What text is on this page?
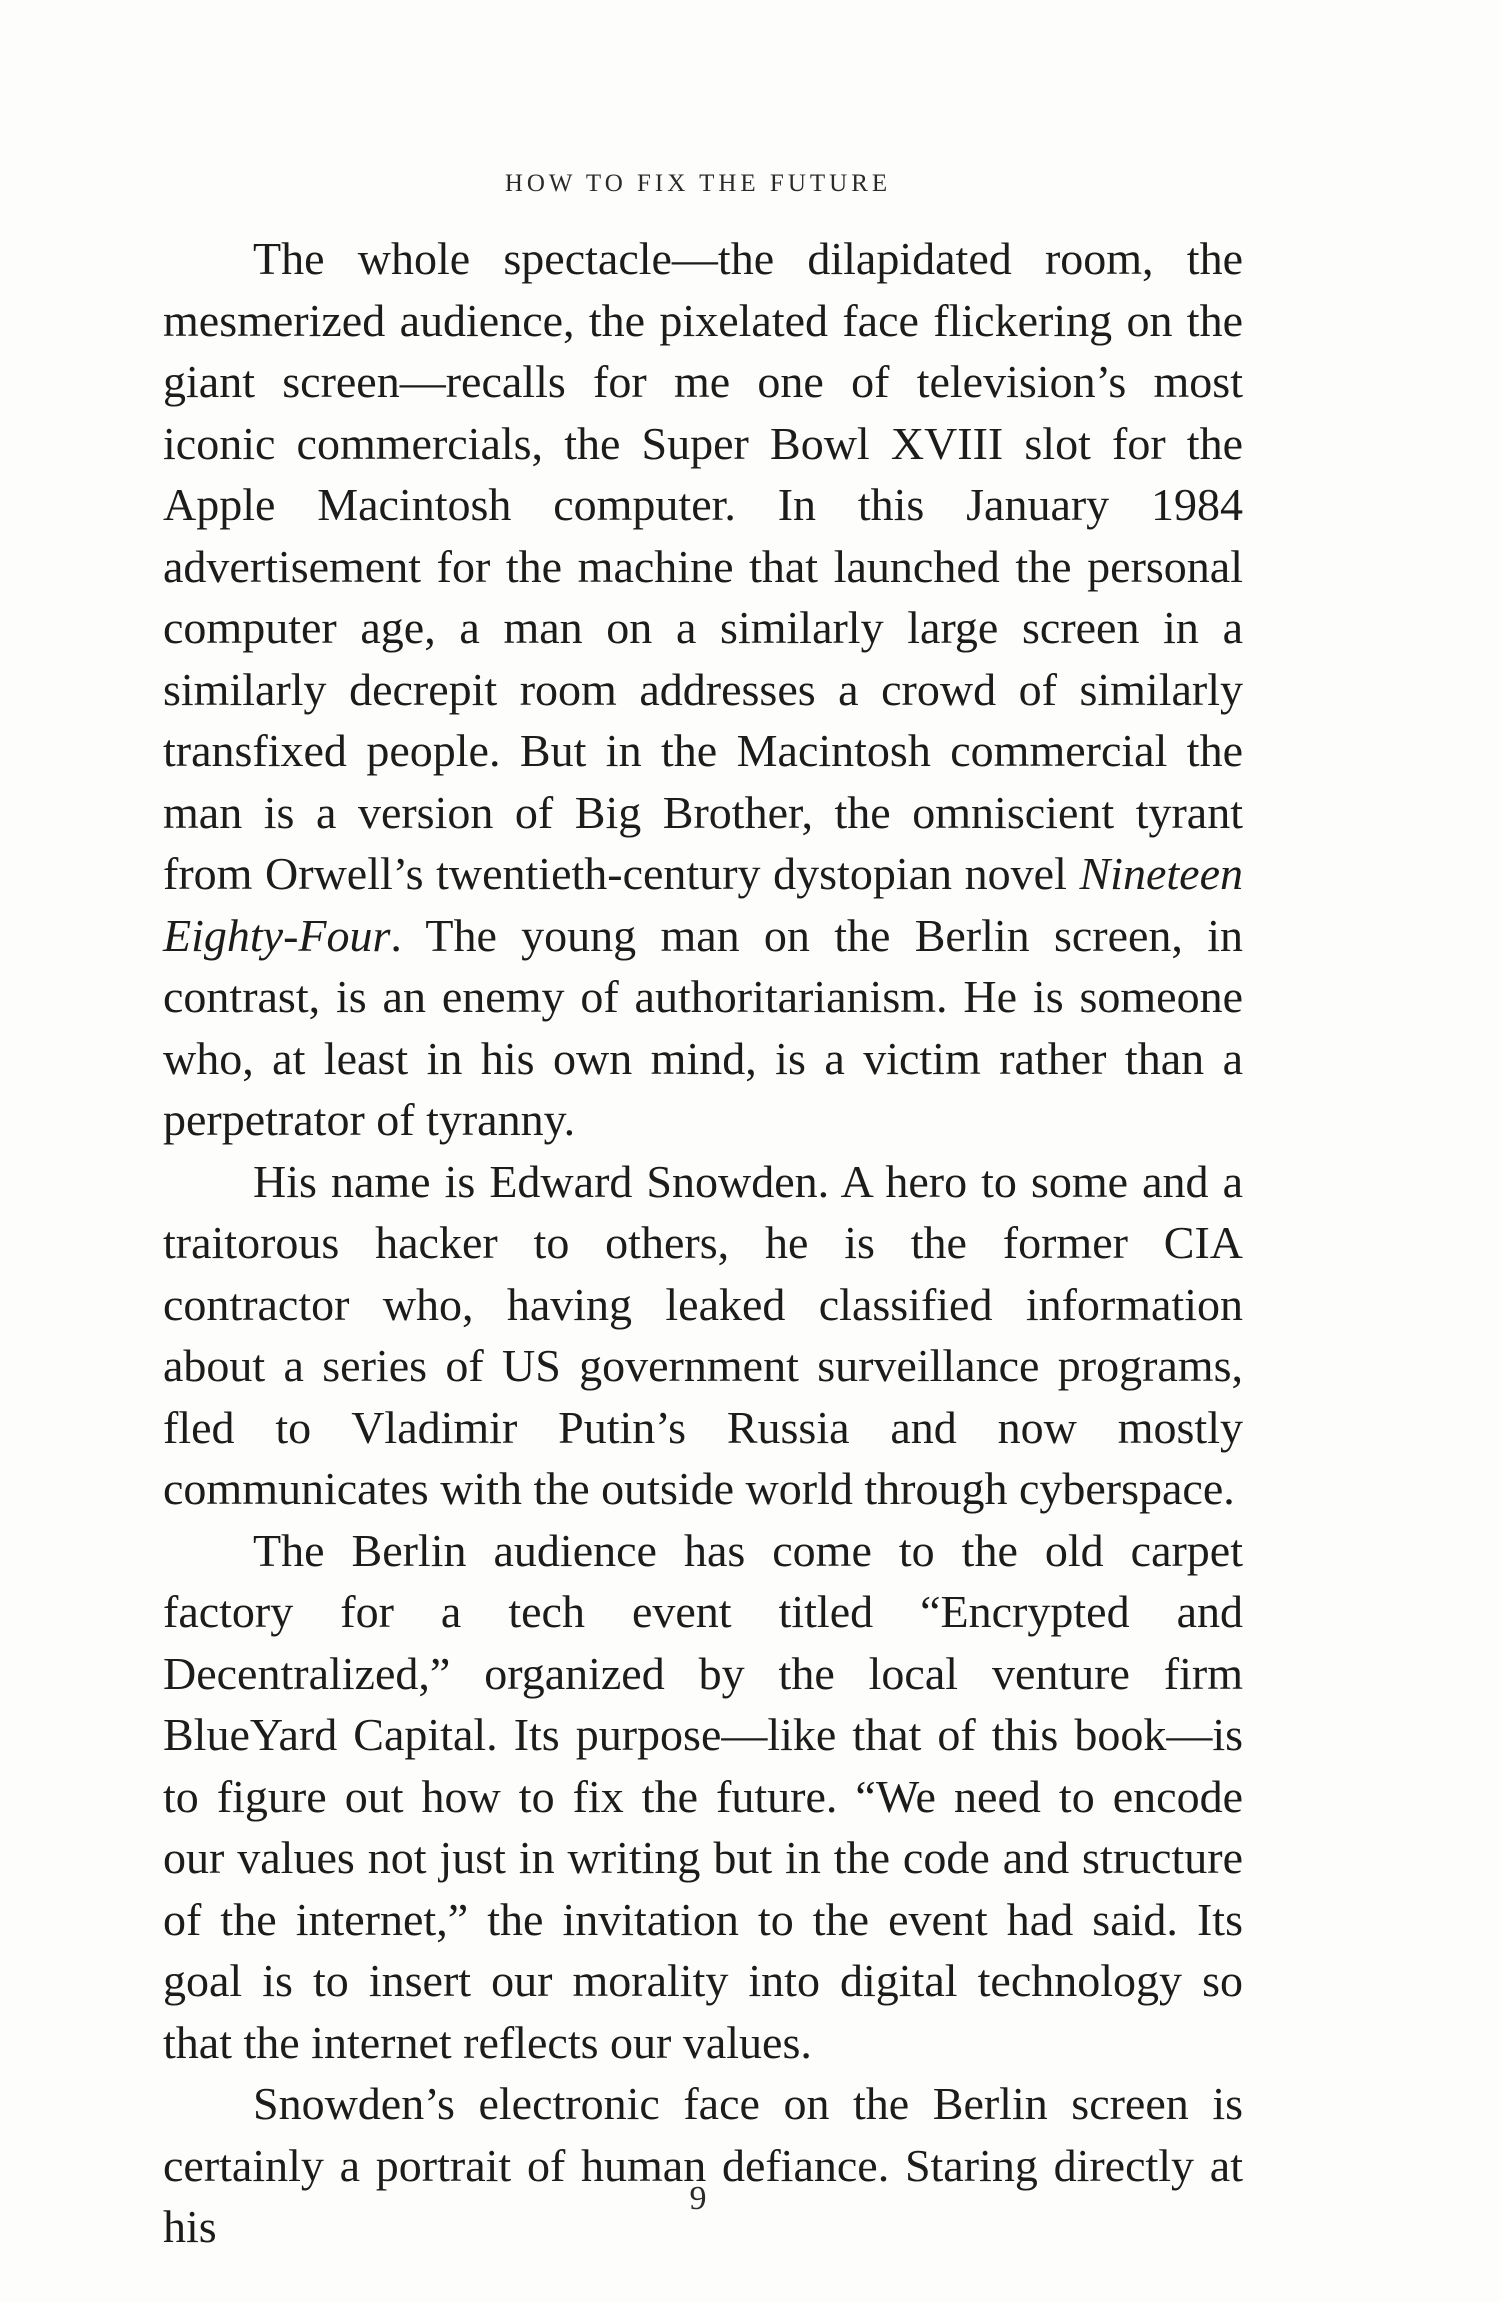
HOW TO FIX THE FUTURE

The whole spectacle—the dilapidated room, the mesmerized audience, the pixelated face flickering on the giant screen—recalls for me one of television’s most iconic commercials, the Super Bowl XVIII slot for the Apple Macintosh computer. In this January 1984 advertisement for the machine that launched the personal computer age, a man on a similarly large screen in a similarly decrepit room addresses a crowd of similarly transfixed people. But in the Macintosh commercial the man is a version of Big Brother, the omniscient tyrant from Orwell’s twentieth-century dystopian novel Nineteen Eighty-Four. The young man on the Berlin screen, in contrast, is an enemy of authoritarianism. He is someone who, at least in his own mind, is a victim rather than a perpetrator of tyranny.

His name is Edward Snowden. A hero to some and a traitorous hacker to others, he is the former CIA contractor who, having leaked classified information about a series of US government surveillance programs, fled to Vladimir Putin’s Russia and now mostly communicates with the outside world through cyberspace.

The Berlin audience has come to the old carpet factory for a tech event titled “Encrypted and Decentralized,” organized by the local venture firm BlueYard Capital. Its purpose—like that of this book—is to figure out how to fix the future. “We need to encode our values not just in writing but in the code and structure of the internet,” the invitation to the event had said. Its goal is to insert our morality into digital technology so that the internet reflects our values.

Snowden’s electronic face on the Berlin screen is certainly a portrait of human defiance. Staring directly at his

9
